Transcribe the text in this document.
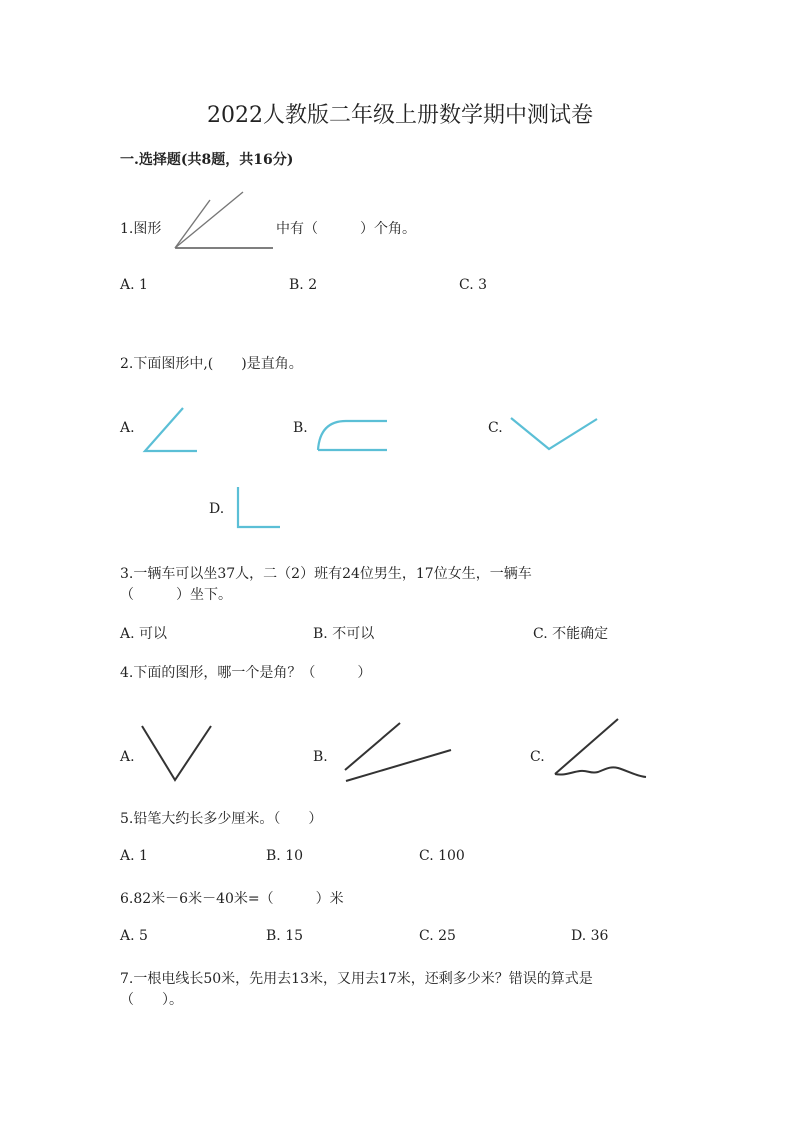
2022人教版二年级上册数学期中测试卷
一.选择题(共8题，共16分)
1.图形	中有（　　　）个角。
A. 1	B. 2	C. 3
2.下面图形中,(　　)是直角。
A.	B.	C.
D.
3.一辆车可以坐37人，二（2）班有24位男生，17位女生，一辆车
（　　　）坐下。
A. 可以	B. 不可以	C. 不能确定
4.下面的图形，哪一个是角？（　　　）
A.	B.	C.
5.铅笔大约长多少厘米。（　　）
A. 1	B. 10	C. 100
6.82米－6米－40米=（　　　）米
A. 5	B. 15	C. 25	D. 36
7.一根电线长50米，先用去13米，又用去17米，还剩多少米？错误的算式是
（　　）。
